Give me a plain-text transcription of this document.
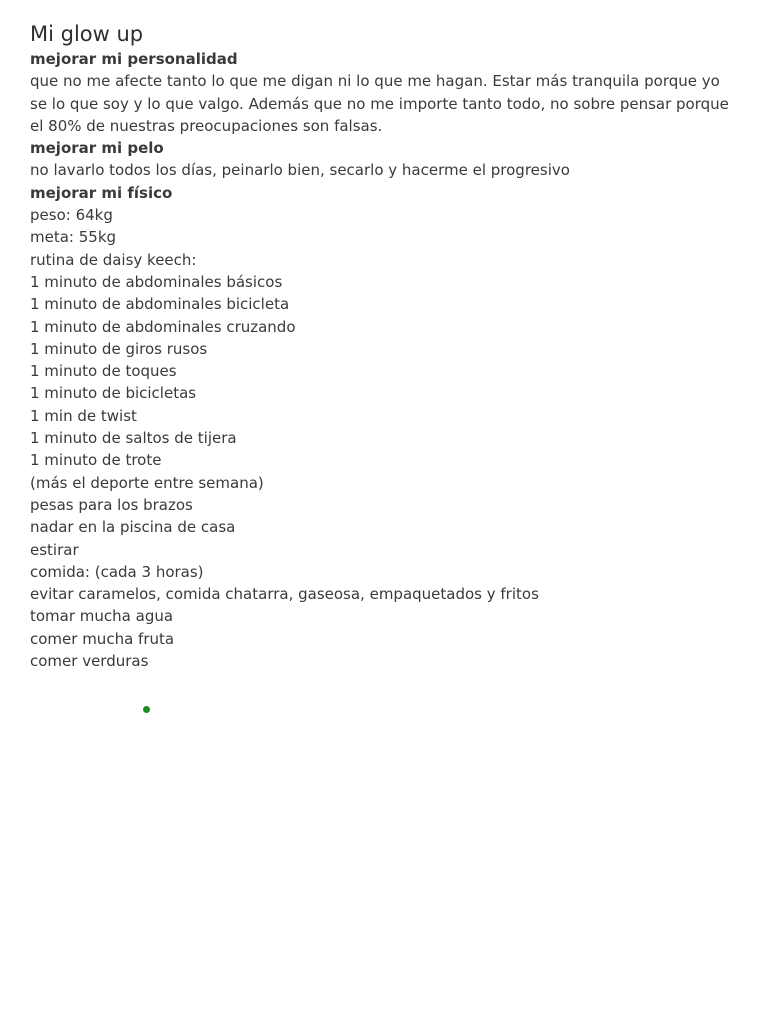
Mi glow up

mejorar mi personalidad

que no me afecte tanto lo que me digan ni lo que me hagan. Estar más tranquila porque yo se lo que soy y lo que valgo. Además que no me importe tanto todo, no sobre pensar porque el 80% de nuestras preocupaciones son falsas.

mejorar mi pelo

no lavarlo todos los días, peinarlo bien, secarlo y hacerme el progresivo

mejorar mi físico

peso: 64kg

meta: 55kg

rutina de daisy keech:

1 minuto de abdominales básicos

1 minuto de abdominales bicicleta

1 minuto de abdominales cruzando

1 minuto de giros rusos

1 minuto de toques

1 minuto de bicicletas

1 min de twist

1 minuto de saltos de tijera

1 minuto de trote

(más el deporte entre semana)

pesas para los brazos

nadar en la piscina de casa

estirar

comida: (cada 3 horas)

evitar caramelos, comida chatarra, gaseosa, empaquetados y fritos

tomar mucha agua

comer mucha fruta

comer verduras
